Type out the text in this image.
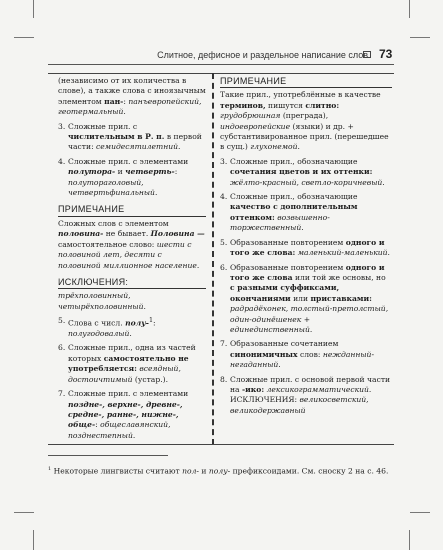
Слитное, дефисное и раздельное написание слов 73

(независимо от их количества в слове), а также слова с иноязычным элементом пан-: панъевропейский, геотермальный.

3. Сложные прил. с числительным в Р. п. в первой части: семидесятилетний.

4. Сложные прил. с элементами полутора- и четверть-: полутораголовый, четвертьфинальный.

ПРИМЕЧАНИЕ

Сложных слов с элементом половина- не бывает. Половина — самостоятельное слово: шести с половиной лет, десяти с половиной миллионное население.

ИСКЛЮЧЕНИЯ:

трёхполовинный, четырёхполовинный.

5. Слова с числ. полу-$^1$: полугодовалый.

6. Сложные прил., одна из частей которых самостоятельно не употребляется: всеядный, достоичтимый (устар.).

7. Сложные прил. с элементами поздне-, верхне-, древне-, средне-, ранне-, нижне-, обще-: общеславянский, позднестепный.

ПРИМЕЧАНИЕ

Такие прил., употреблённые в качестве терминов, пишутся слитно: грудобрюшная (преграда), индоевропейские (языки) и др. + субстантивированное прил. (перешедшее в сущ.) глухонемой.

3. Сложные прил., обозначающие сочетания цветов и их оттенки: жёлто-красный, светло-коричневый.

4. Сложные прил., обозначающие качество с дополнительным оттенком: возвышенно-торжественный.

5. Образованные повторением одного и того же слова: маленький-маленький.

6. Образованные повторением одного и того же слова или той же основы, но с разными суффиксами, окончаниями или приставками: радрадёхонек, толстый-претолстый, один-одинёшенек + единединственный.

7. Образованные сочетанием синонимичных слов: нежданный-негаданный.

8. Сложные прил. с основой первой части на -ико: лексикограмматический. ИСКЛЮЧЕНИЯ: великосветский, великодержавный

$^1$ Некоторые лингвисты считают пол- и полу- префиксоидами. См. сноску 2 на с. 46.
